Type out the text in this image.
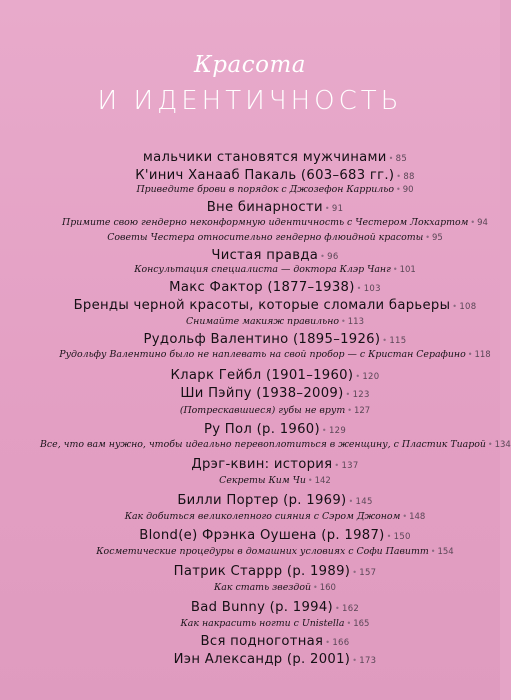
Красота
И ИДЕНТИЧНОСТЬ
мальчики становятся мужчинами • 85
К'инич Ханааб Пакаль (603–683 гг.) • 88
Приведите брови в порядок с Джозефон Каррильо • 90
Вне бинарности • 91
Примите свою гендерно неконформную идентичность с Честером Локхартом • 94
Советы Честера относительно гендерно флюидной красоты • 95
Чистая правда • 96
Консультация специалиста — доктора Клэр Чанг • 101
Макс Фактор (1877–1938) • 103
Бренды черной красоты, которые сломали барьеры • 108
Снимайте макияж правильно • 113
Рудольф Валентино (1895–1926) • 115
Рудольфу Валентино было не наплевать на свой пробор — с Кристан Серафино • 118
Кларк Гейбл (1901–1960) • 120
Ши Пэйпу (1938–2009) • 123
(Потрескавшиеся) губы не врут • 127
Ру Пол (р. 1960) • 129
Все, что вам нужно, чтобы идеально перевоплотиться в женщину, с Пластик Тиарой • 134
Дрэг-квин: история • 137
Секреты Ким Чи • 142
Билли Портер (р. 1969) • 145
Как добиться великолепного сияния с Сэром Джоном • 148
Blond(e) Фрэнка Оушена (р. 1987) • 150
Косметические процедуры в домашних условиях с Софи Павитт • 154
Патрик Старрр (р. 1989) • 157
Как стать звездой • 160
Bad Bunny (р. 1994) • 162
Как накрасить ногти с Unistella • 165
Вся подноготная • 166
Иэн Александр (р. 2001) • 173
